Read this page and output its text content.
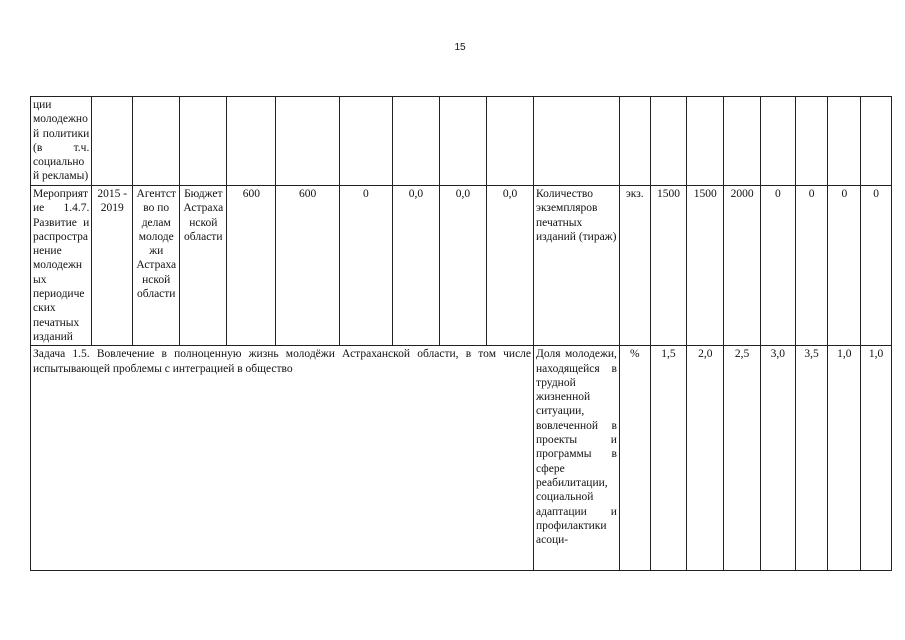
15
ции молодежной политики (в т.ч. социальной рекламы)																		
Мероприятие 1.4.7. Развитие и распространение молодежных периодических печатных изданий	2015 - 2019	Агентство по делам молодежи Астраханской области	Бюджет Астраханской области	600	600	0	0,0	0,0	0,0	Количество экземпляров печатных изданий (тираж)	экз.	1500	1500	2000	0	0	0	0
Задача 1.5. Вовлечение в полноценную жизнь молодёжи Астраханской области, в том числе испытывающей проблемы с интеграцией в общество										Доля молодежи, находящейся в трудной жизненной ситуации, вовлеченной в проекты и программы в сфере реабилитации, социальной адаптации и профилактики асоци-	%	1,5	2,0	2,5	3,0	3,5	1,0	1,0
